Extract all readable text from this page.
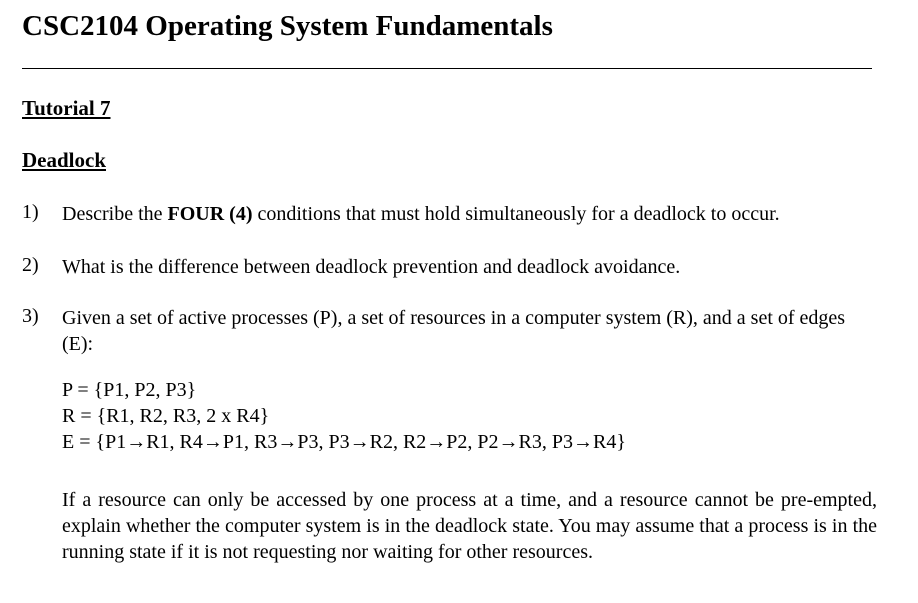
CSC2104 Operating System Fundamentals
Tutorial 7
Deadlock
1) Describe the FOUR (4) conditions that must hold simultaneously for a deadlock to occur.
2) What is the difference between deadlock prevention and deadlock avoidance.
3) Given a set of active processes (P), a set of resources in a computer system (R), and a set of edges (E):
P = {P1, P2, P3}
R = {R1, R2, R3, 2 x R4}
E = {P1→R1, R4→P1, R3→P3, P3→R2, R2→P2, P2→R3, P3→R4}
If a resource can only be accessed by one process at a time, and a resource cannot be pre-empted, explain whether the computer system is in the deadlock state. You may assume that a process is in the running state if it is not requesting nor waiting for other resources.
